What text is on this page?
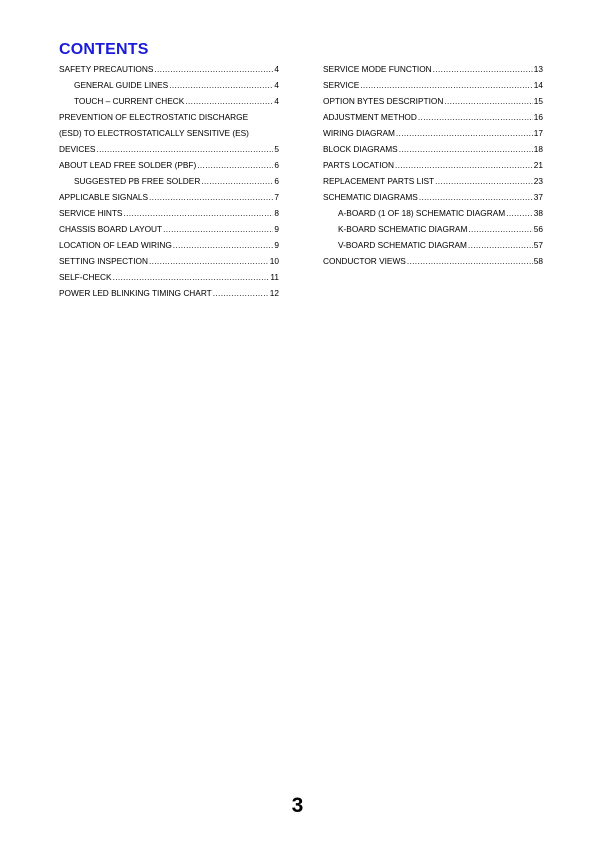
CONTENTS
SAFETY PRECAUTIONS .....	4
GENERAL GUIDE LINES .....	4
TOUCH – CURRENT CHECK .....	4
PREVENTION OF ELECTROSTATIC DISCHARGE
(ESD) TO ELECTROSTATICALLY SENSITIVE (ES)
DEVICES .....	5
ABOUT LEAD FREE SOLDER (PBF) .....	6
SUGGESTED PB FREE SOLDER .....	6
APPLICABLE SIGNALS .....	7
SERVICE HINTS .....	8
CHASSIS BOARD LAYOUT .....	9
LOCATION OF LEAD WIRING .....	9
SETTING INSPECTION .....	10
SELF-CHECK .....	11
POWER LED BLINKING TIMING CHART .....	12
SERVICE MODE FUNCTION .....	13
SERVICE .....	14
OPTION BYTES DESCRIPTION .....	15
ADJUSTMENT METHOD .....	16
WIRING DIAGRAM .....	17
BLOCK DIAGRAMS .....	18
PARTS LOCATION .....	21
REPLACEMENT PARTS LIST .....	23
SCHEMATIC DIAGRAMS .....	37
A-BOARD (1 OF 18) SCHEMATIC DIAGRAM .....	38
K-BOARD SCHEMATIC DIAGRAM .....	56
V-BOARD SCHEMATIC DIAGRAM .....	57
CONDUCTOR VIEWS .....	58
3
